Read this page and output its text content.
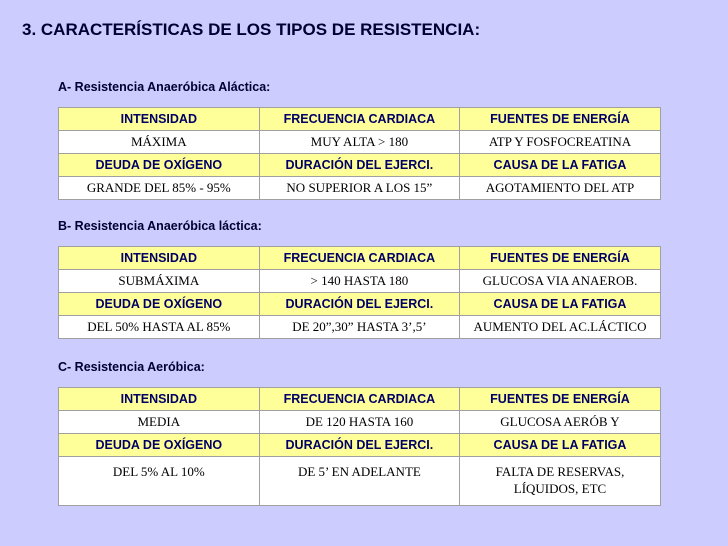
3. CARACTERÍSTICAS DE LOS TIPOS DE RESISTENCIA:
A- Resistencia Anaeróbica Aláctica:
INTENSIDAD	FRECUENCIA CARDIACA	FUENTES DE ENERGÍA
MÁXIMA	MUY ALTA > 180	ATP Y FOSFOCREATINA
DEUDA DE OXÍGENO	DURACIÓN DEL EJERCI.	CAUSA DE LA FATIGA
GRANDE DEL 85% - 95%	NO SUPERIOR A LOS 15”	AGOTAMIENTO DEL ATP
B- Resistencia Anaeróbica láctica:
INTENSIDAD	FRECUENCIA CARDIACA	FUENTES DE ENERGÍA
SUBMÁXIMA	> 140 HASTA 180	GLUCOSA VIA ANAEROB.
DEUDA DE OXÍGENO	DURACIÓN DEL EJERCI.	CAUSA DE LA FATIGA
DEL 50% HASTA AL 85%	DE 20”,30” HASTA 3’,5’	AUMENTO DEL AC.LÁCTICO
C- Resistencia Aeróbica:
INTENSIDAD	FRECUENCIA CARDIACA	FUENTES DE ENERGÍA
MEDIA	DE 120 HASTA 160	GLUCOSA AERÓB Y
DEUDA DE OXÍGENO	DURACIÓN DEL EJERCI.	CAUSA DE LA FATIGA
DEL 5% AL 10%	DE 5’ EN ADELANTE	FALTA DE RESERVAS, LÍQUIDOS, ETC
